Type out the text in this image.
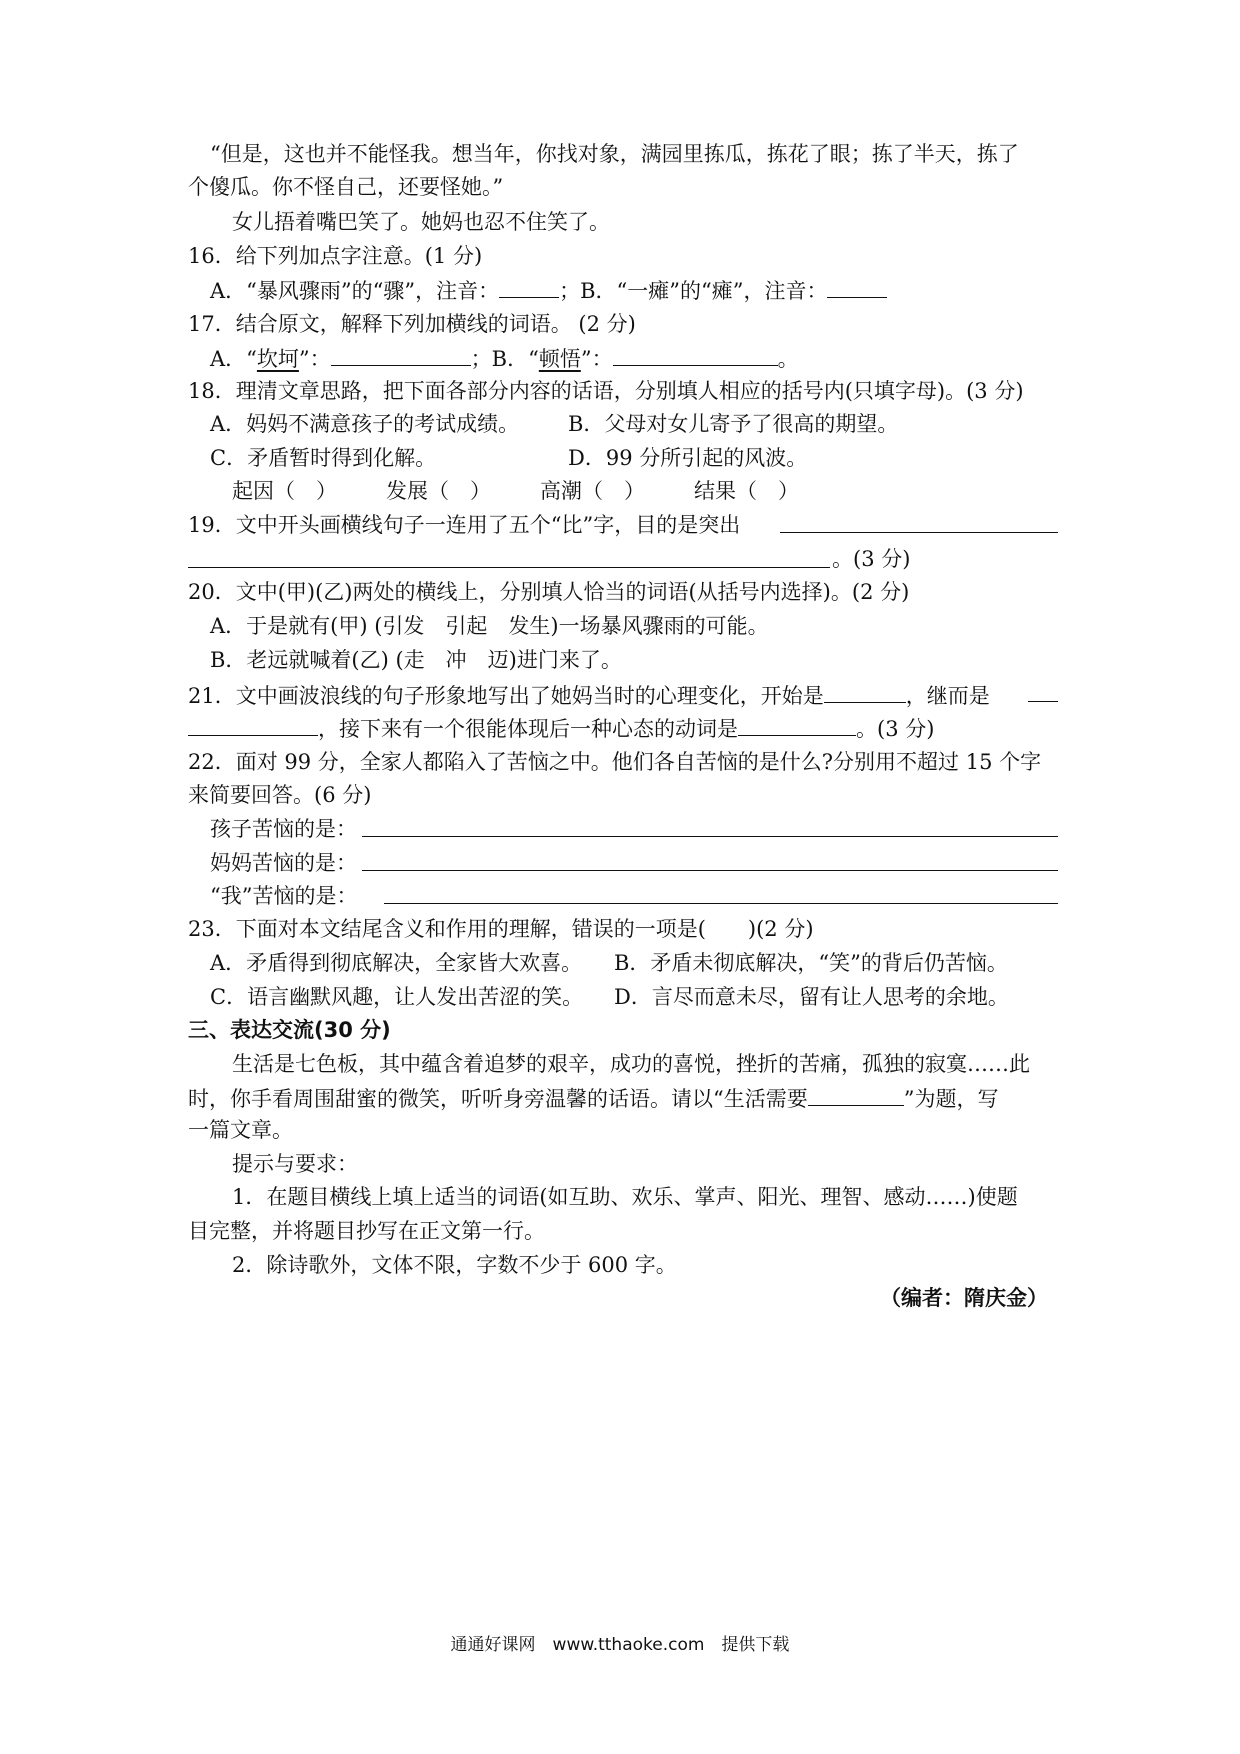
“但是，这也并不能怪我。想当年，你找对象，满园里拣瓜，拣花了眼；拣了半天，拣了
个傻瓜。你不怪自己，还要怪她。”
女儿捂着嘴巴笑了。她妈也忍不住笑了。
16．给下列加点字注意。(1 分)
A．“暴风骤雨”的“骤”，注音：	；B．“一瘫”的“瘫”，注音：
17．结合原文，解释下列加横线的词语。 (2 分)
A．“坎坷”：	；B．“顿悟”：	。
18．理清文章思路，把下面各部分内容的话语，分别填人相应的括号内(只填字母)。(3 分)
A．妈妈不满意孩子的考试成绩。 B．父母对女儿寄予了很高的期望。
C．矛盾暂时得到化解。	D．99 分所引起的风波。
起因（　） 发展（　） 高潮（　） 结果（　）
19．文中开头画横线句子一连用了五个“比”字，目的是突出
。(3 分)
20．文中(甲)(乙)两处的横线上，分别填人恰当的词语(从括号内选择)。(2 分)
A．于是就有(甲) (引发　引起　发生)一场暴风骤雨的可能。
B．老远就喊着(乙) (走　冲　迈)进门来了。
21．文中画波浪线的句子形象地写出了她妈当时的心理变化，开始是	，继而是
，接下来有一个很能体现后一种心态的动词是	。(3 分)
22．面对 99 分，全家人都陷入了苦恼之中。他们各自苦恼的是什么?分别用不超过 15 个字
来简要回答。(6 分)
孩子苦恼的是：
妈妈苦恼的是：
“我”苦恼的是：
23．下面对本文结尾含义和作用的理解，错误的一项是(　　)(2 分)
A．矛盾得到彻底解决，全家皆大欢喜。 B．矛盾未彻底解决，“笑”的背后仍苦恼。
C．语言幽默风趣，让人发出苦涩的笑。 D．言尽而意未尽，留有让人思考的余地。
三、表达交流(30 分)
生活是七色板，其中蕴含着追梦的艰辛，成功的喜悦，挫折的苦痛，孤独的寂寞……此
时，你手看周围甜蜜的微笑，听听身旁温馨的话语。请以“生活需要	”为题，写
一篇文章。
提示与要求：
1．在题目横线上填上适当的词语(如互助、欢乐、掌声、阳光、理智、感动……)使题
目完整，并将题目抄写在正文第一行。
2．除诗歌外，文体不限，字数不少于 600 字。
（编者：隋庆金）
通通好课网　www.tthaoke.com　提供下载
